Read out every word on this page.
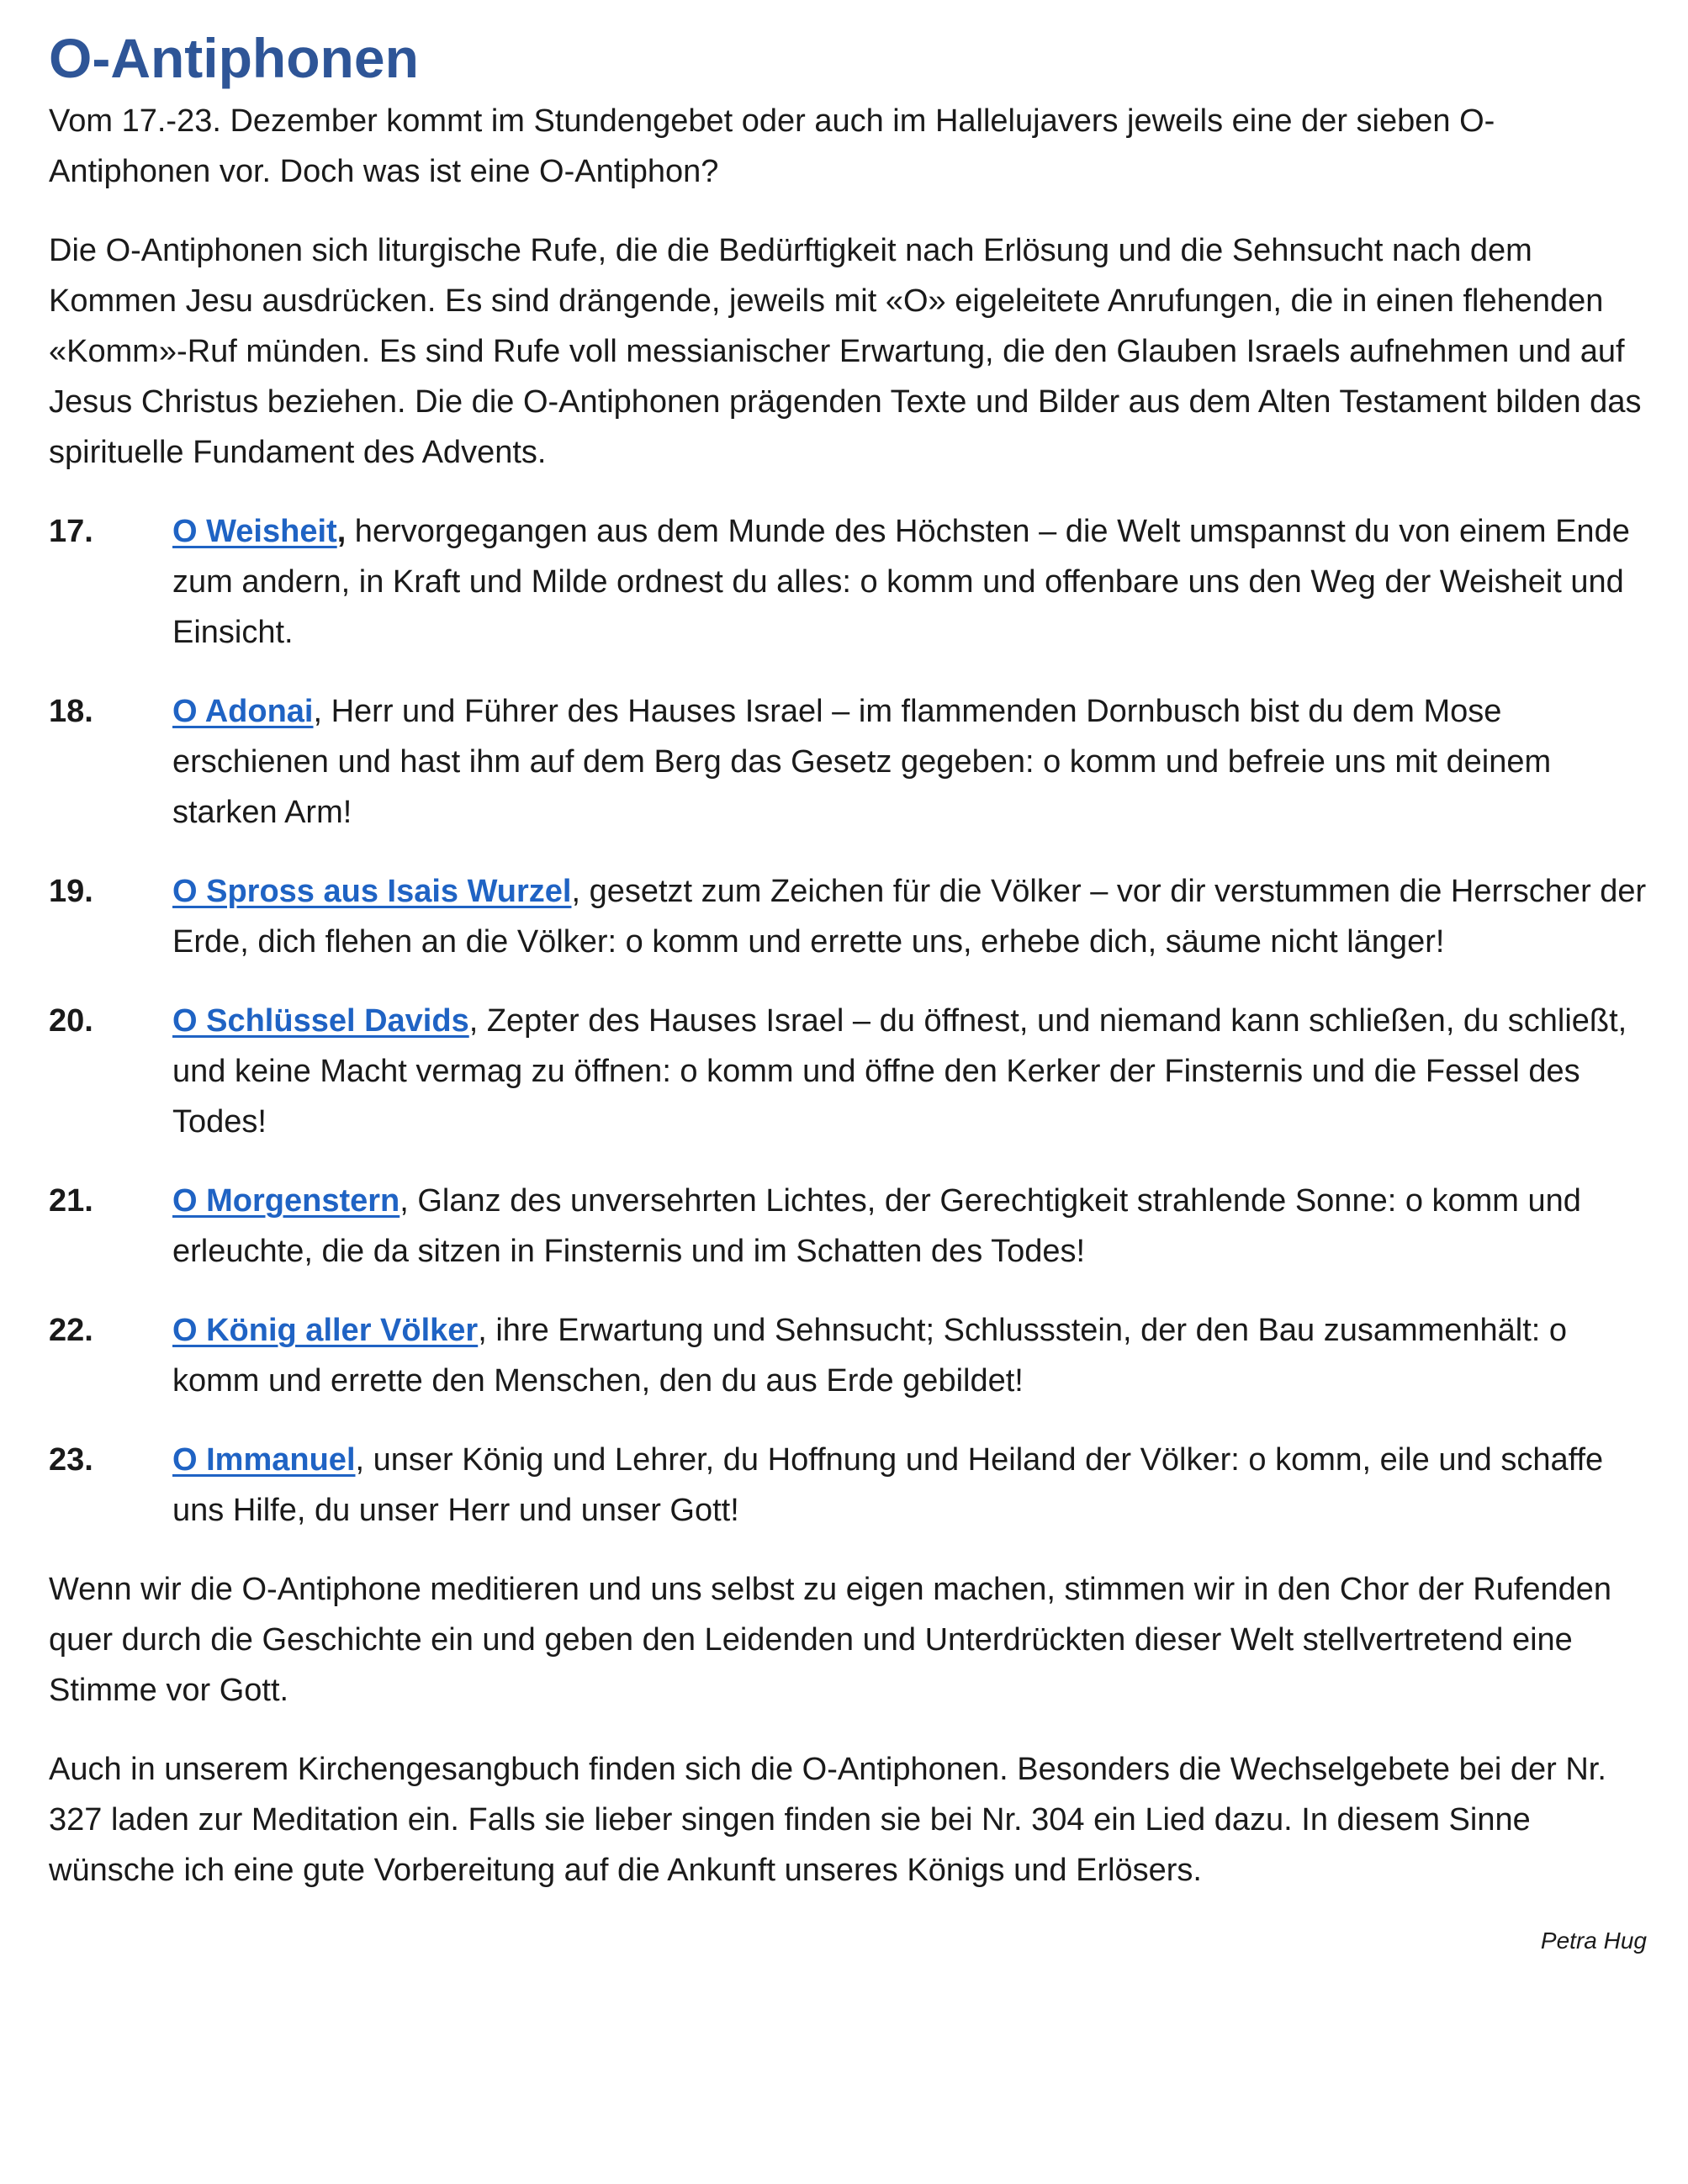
O-Antiphonen

Vom 17.-23. Dezember kommt im Stundengebet oder auch im Hallelujavers jeweils eine der sieben O-Antiphonen vor. Doch was ist eine O-Antiphon?

Die O-Antiphonen sich liturgische Rufe, die die Bedürftigkeit nach Erlösung und die Sehnsucht nach dem Kommen Jesu ausdrücken. Es sind drängende, jeweils mit «O» eigeleitete Anrufungen, die in einen flehenden «Komm»-Ruf münden. Es sind Rufe voll messianischer Erwartung, die den Glauben Israels aufnehmen und auf Jesus Christus beziehen. Die die O-Antiphonen prägenden Texte und Bilder aus dem Alten Testament bilden das spirituelle Fundament des Advents.

17.	O Weisheit, hervorgegangen aus dem Munde des Höchsten – die Welt umspannst du von einem Ende zum andern, in Kraft und Milde ordnest du alles: o komm und offenbare uns den Weg der Weisheit und Einsicht.
18.	O Adonai, Herr und Führer des Hauses Israel – im flammenden Dornbusch bist du dem Mose erschienen und hast ihm auf dem Berg das Gesetz gegeben: o komm und befreie uns mit deinem starken Arm!
19.	O Spross aus Isais Wurzel, gesetzt zum Zeichen für die Völker – vor dir verstummen die Herrscher der Erde, dich flehen an die Völker: o komm und errette uns, erhebe dich, säume nicht länger!
20.	O Schlüssel Davids, Zepter des Hauses Israel – du öffnest, und niemand kann schließen, du schließt, und keine Macht vermag zu öffnen: o komm und öffne den Kerker der Finsternis und die Fessel des Todes!
21.	O Morgenstern, Glanz des unversehrten Lichtes, der Gerechtigkeit strahlende Sonne: o komm und erleuchte, die da sitzen in Finsternis und im Schatten des Todes!
22.	O König aller Völker, ihre Erwartung und Sehnsucht; Schlussstein, der den Bau zusammenhält: o komm und errette den Menschen, den du aus Erde gebildet!
23.	O Immanuel, unser König und Lehrer, du Hoffnung und Heiland der Völker: o komm, eile und schaffe uns Hilfe, du unser Herr und unser Gott!

Wenn wir die O-Antiphone meditieren und uns selbst zu eigen machen, stimmen wir in den Chor der Rufenden quer durch die Geschichte ein und geben den Leidenden und Unterdrückten dieser Welt stellvertretend eine Stimme vor Gott.

Auch in unserem Kirchengesangbuch finden sich die O-Antiphonen. Besonders die Wechselgebete bei der Nr. 327 laden zur Meditation ein. Falls sie lieber singen finden sie bei Nr. 304 ein Lied dazu. In diesem Sinne wünsche ich eine gute Vorbereitung auf die Ankunft unseres Königs und Erlösers.

Petra Hug
